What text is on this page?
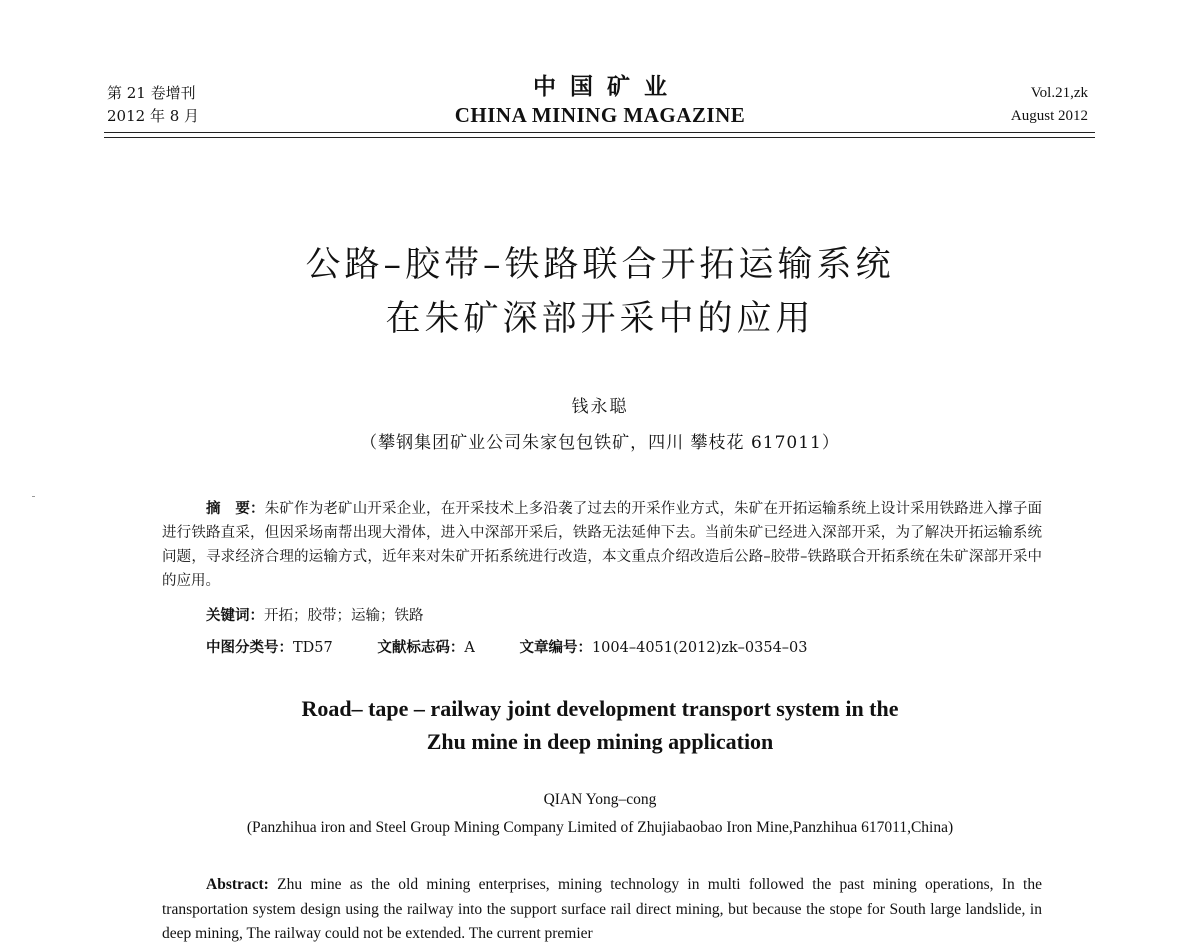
第 21 卷增刊
2012 年 8 月
中国矿业
CHINA MINING MAGAZINE
Vol.21,zk
August 2012
公路–胶带–铁路联合开拓运输系统
在朱矿深部开采中的应用
钱永聪
（攀钢集团矿业公司朱家包包铁矿，四川 攀枝花 617011）
摘　要：朱矿作为老矿山开采企业，在开采技术上多沿袭了过去的开采作业方式，朱矿在开拓运输系统上设计采用铁路进入撑子面进行铁路直采，但因采场南帮出现大滑体，进入中深部开采后，铁路无法延伸下去。当前朱矿已经进入深部开采，为了解决开拓运输系统问题，寻求经济合理的运输方式，近年来对朱矿开拓系统进行改造，本文重点介绍改造后公路–胶带–铁路联合开拓系统在朱矿深部开采中的应用。
关键词：开拓；胶带；运输；铁路
中图分类号：TD57	文献标志码：A	文章编号：1004–4051(2012)zk–0354–03
Road– tape – railway joint development transport system in the
Zhu mine in deep mining application
QIAN Yong–cong
(Panzhihua iron and Steel Group Mining Company Limited of Zhujiabaobao Iron Mine,Panzhihua 617011,China)
Abstract: Zhu mine as the old mining enterprises, mining technology in multi followed the past mining operations, In the transportation system design using the railway into the support surface rail direct mining, but because the stope for South large landslide, in deep mining, The railway could not be extended. The current premier
